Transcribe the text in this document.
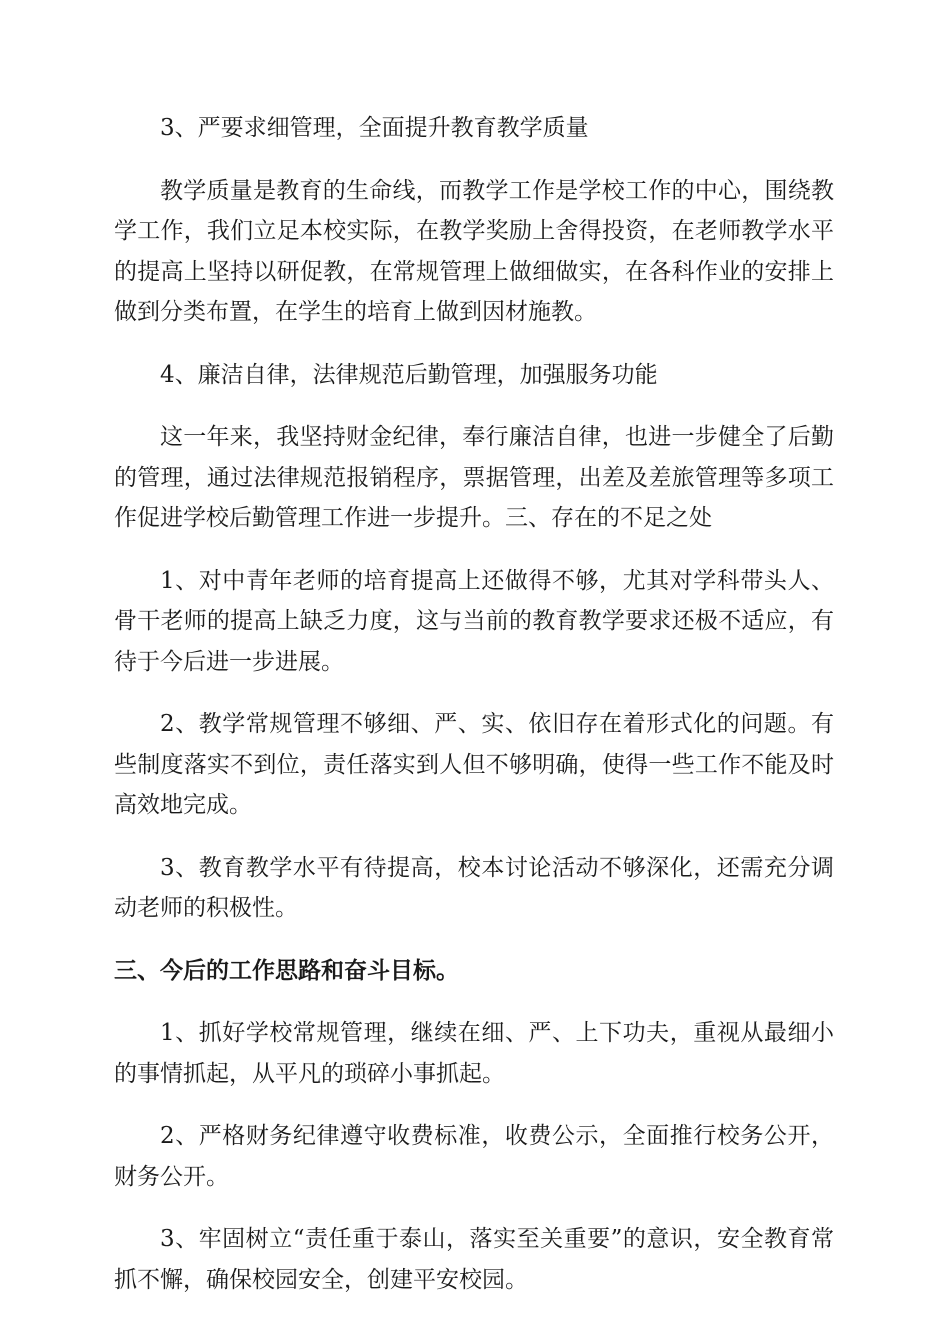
3、严要求细管理，全面提升教育教学质量

教学质量是教育的生命线，而教学工作是学校工作的中心，围绕教学工作，我们立足本校实际，在教学奖励上舍得投资，在老师教学水平的提高上坚持以研促教，在常规管理上做细做实，在各科作业的安排上做到分类布置，在学生的培育上做到因材施教。

4、廉洁自律，法律规范后勤管理，加强服务功能

这一年来，我坚持财金纪律，奉行廉洁自律，也进一步健全了后勤的管理，通过法律规范报销程序，票据管理，出差及差旅管理等多项工作促进学校后勤管理工作进一步提升。三、存在的不足之处

1、对中青年老师的培育提高上还做得不够，尤其对学科带头人、骨干老师的提高上缺乏力度，这与当前的教育教学要求还极不适应，有待于今后进一步进展。

2、教学常规管理不够细、严、实、依旧存在着形式化的问题。有些制度落实不到位，责任落实到人但不够明确，使得一些工作不能及时高效地完成。

3、教育教学水平有待提高，校本讨论活动不够深化，还需充分调动老师的积极性。

三、今后的工作思路和奋斗目标。

1、抓好学校常规管理，继续在细、严、上下功夫，重视从最细小的事情抓起，从平凡的琐碎小事抓起。

2、严格财务纪律遵守收费标准，收费公示，全面推行校务公开，财务公开。

3、牢固树立“责任重于泰山，落实至关重要”的意识，安全教育常抓不懈，确保校园安全，创建平安校园。
